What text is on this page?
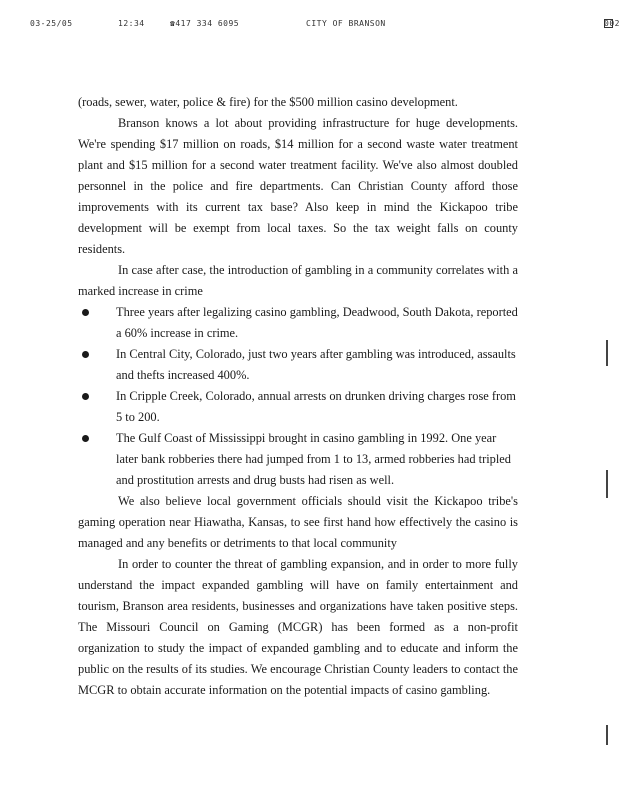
03-25/05	12:34	☎417 334 6095	CITY OF BRANSON	002

(roads, sewer, water, police & fire) for the $500 million casino development.

Branson knows a lot about providing infrastructure for huge developments. We're spending $17 million on roads, $14 million for a second waste water treatment plant and $15 million for a second water treatment facility. We've also almost doubled personnel in the police and fire departments. Can Christian County afford those improvements with its current tax base? Also keep in mind the Kickapoo tribe development will be exempt from local taxes. So the tax weight falls on county residents.

In case after case, the introduction of gambling in a community correlates with a marked increase in crime

Three years after legalizing casino gambling, Deadwood, South Dakota, reported a 60% increase in crime.
In Central City, Colorado, just two years after gambling was introduced, assaults and thefts increased 400%.
In Cripple Creek, Colorado, annual arrests on drunken driving charges rose from 5 to 200.
The Gulf Coast of Mississippi brought in casino gambling in 1992. One year later bank robberies there had jumped from 1 to 13, armed robberies had tripled and prostitution arrests and drug busts had risen as well.

We also believe local government officials should visit the Kickapoo tribe's gaming operation near Hiawatha, Kansas, to see first hand how effectively the casino is managed and any benefits or detriments to that local community

In order to counter the threat of gambling expansion, and in order to more fully understand the impact expanded gambling will have on family entertainment and tourism, Branson area residents, businesses and organizations have taken positive steps. The Missouri Council on Gaming (MCGR) has been formed as a non-profit organization to study the impact of expanded gambling and to educate and inform the public on the results of its studies. We encourage Christian County leaders to contact the MCGR to obtain accurate information on the potential impacts of casino gambling.
